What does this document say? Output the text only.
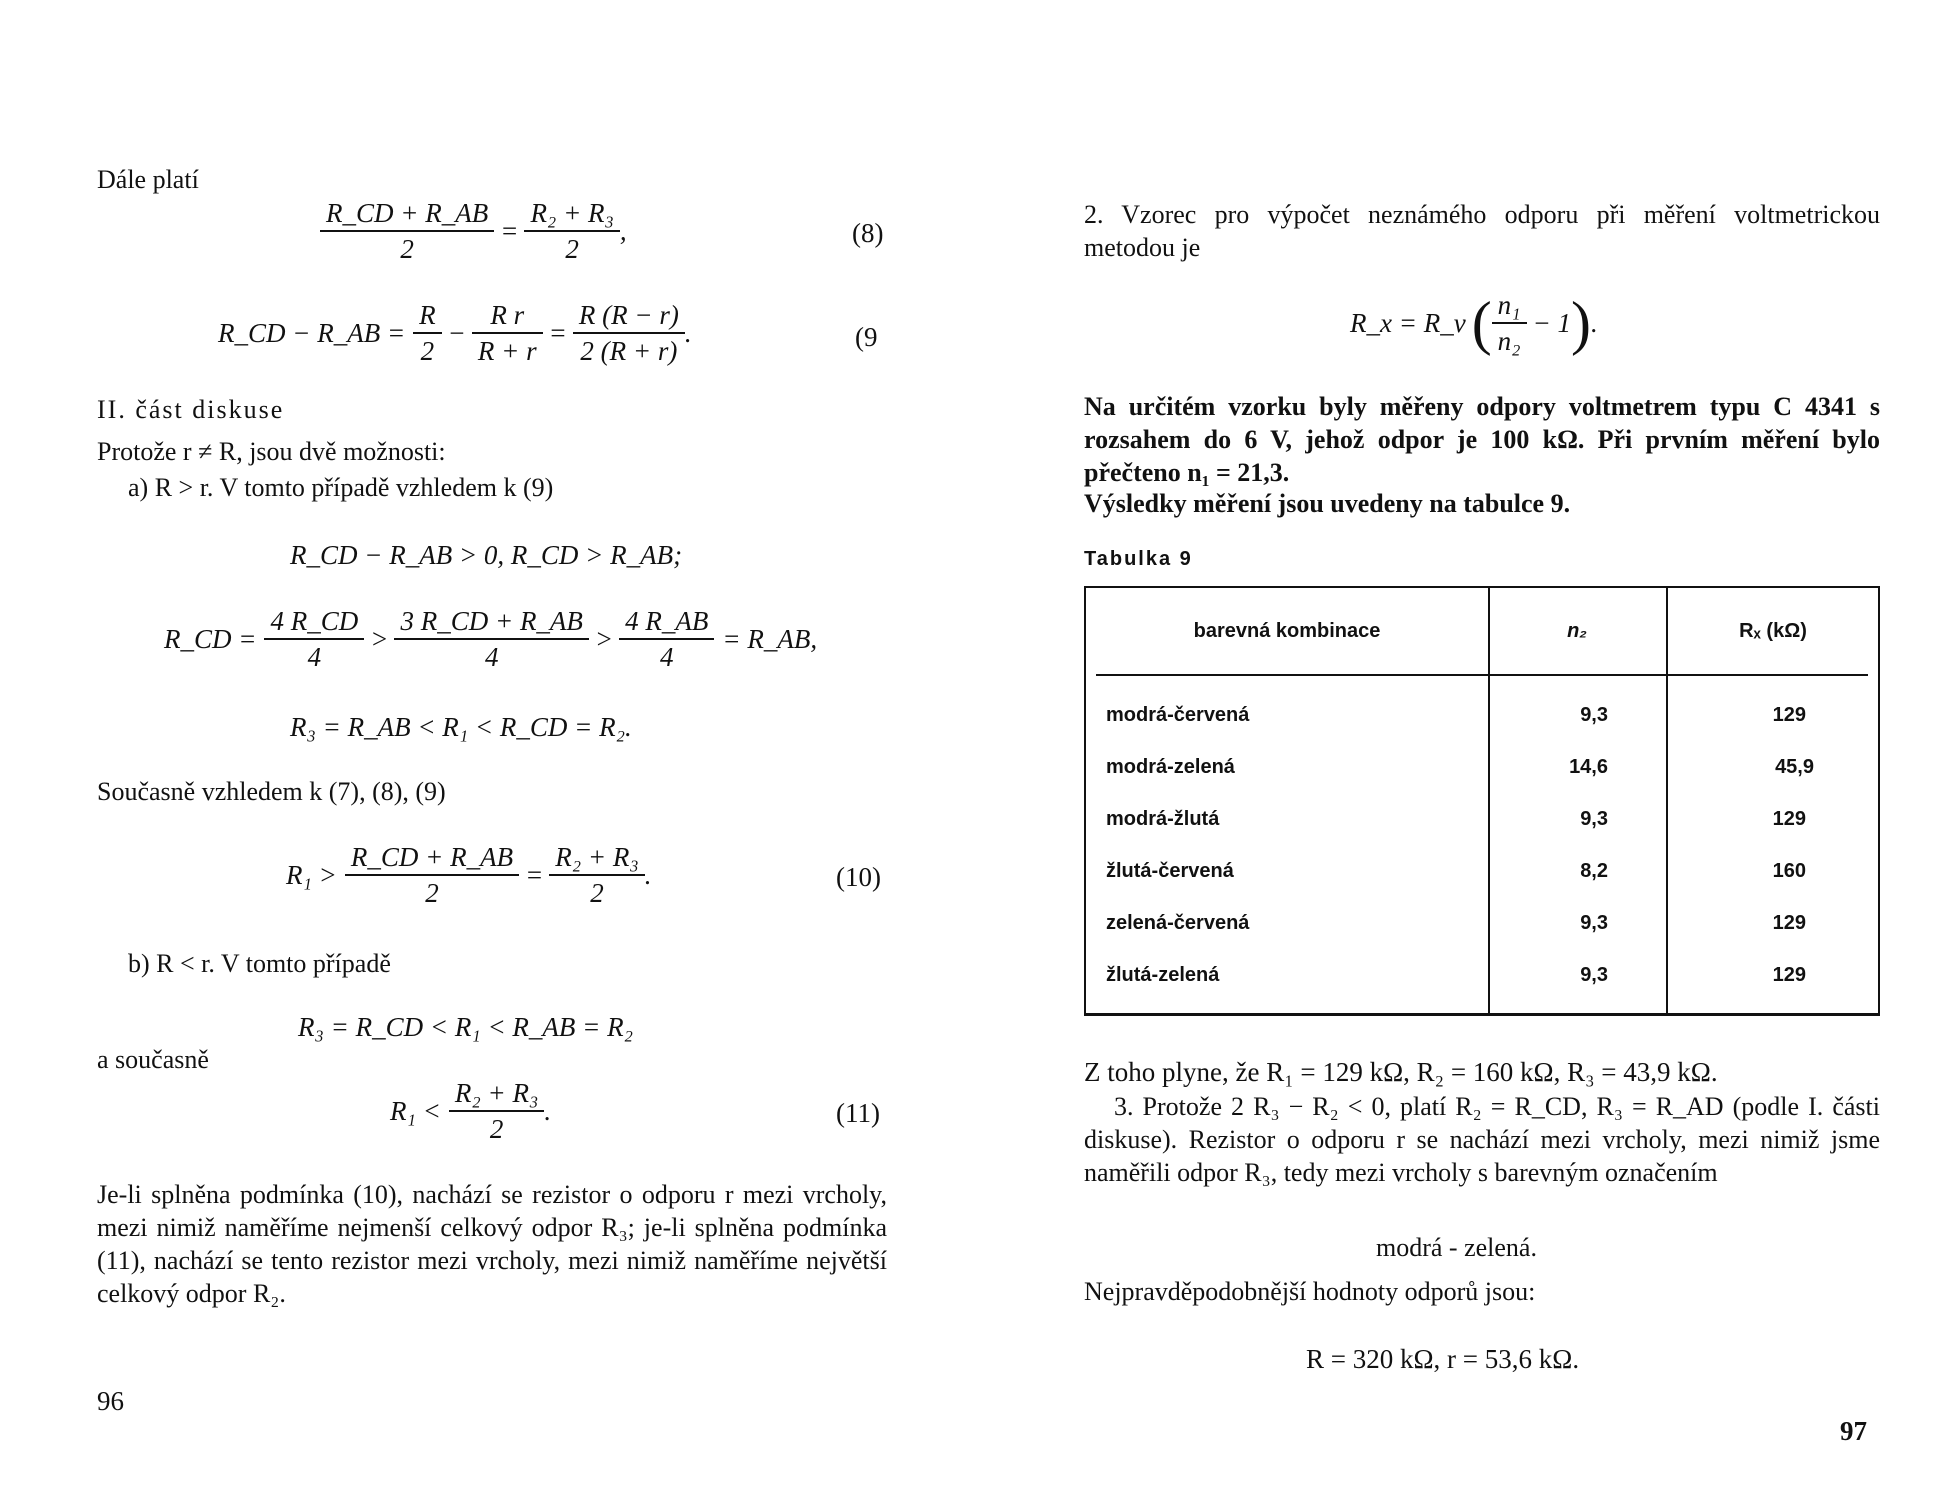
Dále platí
$\frac{R\_CD + R\_AB}{2} = \frac{\text{R₂ + R₃}}{2}$ ,	(8)
R_CD − R_AB = $\frac{R}{2} - \frac{\text{R r}}{R + r} = \frac{R (R - r)}{2 (R + r)}$ .	(9
II. část diskuse
Protože r ≠ R, jsou dvě možnosti:
a) R > r. V tomto případě vzhledem k (9)
R_CD − R_AB > 0, R_CD > R_AB;
R_CD = $\frac{4 R\_CD}{4} > \frac{3 R\_CD + R\_AB}{4} > \frac{4 R\_AB}{4}$ = R_AB,
R₃ = R_AB < R₁ < R_CD = R₂.
Současně vzhledem k (7), (8), (9)
$R_1 > \frac{R\_CD + R\_AB}{2} = \frac{\text{R₂ + R₃}}{2}$ .	(10)
b) R < r. V tomto případě
R₃ = R_CD < R₁ < R_AB = R₂
a současně
$R_1 < \frac{\text{R₂ + R₃}}{2}$ .	(11)
Je-li splněna podmínka (10), nachází se rezistor o odporu r mezi vrcholy, mezi nimiž naměříme nejmenší celkový odpor R₃; je-li splněna podmínka (11), nachází se tento rezistor mezi vrcholy, mezi nimiž naměříme největší celkový odpor R₂.
96
2. Vzorec pro výpočet neznámého odporu při měření voltmetrickou metodou je
R_x = R_v ( $\frac{\text{n₁}}{\text{n₂}} - 1$ ) .
Na určitém vzorku byly měřeny odpory voltmetrem typu C 4341 s rozsahem do 6 V, jehož odpor je 100 kΩ. Při prvním měření bylo přečteno n₁ = 21,3.
Výsledky měření jsou uvedeny na tabulce 9.
Tabulka 9
barevná kombinace	n₂	Rₓ (kΩ)
modrá-červená	9,3	129
modrá-zelená	14,6	45,9
modrá-žlutá	9,3	129
žlutá-červená	8,2	160
zelená-červená	9,3	129
žlutá-zelená	9,3	129
Z toho plyne, že R₁ = 129 kΩ, R₂ = 160 kΩ, R₃ = 43,9 kΩ.
3. Protože 2 R₃ − R₂ < 0, platí R₂ = R_CD, R₃ = R_AD (podle I. části diskuse). Rezistor o odporu r se nachází mezi vrcholy, mezi nimiž jsme naměřili odpor R₃, tedy mezi vrcholy s barevným označením
modrá - zelená.
Nejpravděpodobnější hodnoty odporů jsou:
R = 320 kΩ, r = 53,6 kΩ.
97
